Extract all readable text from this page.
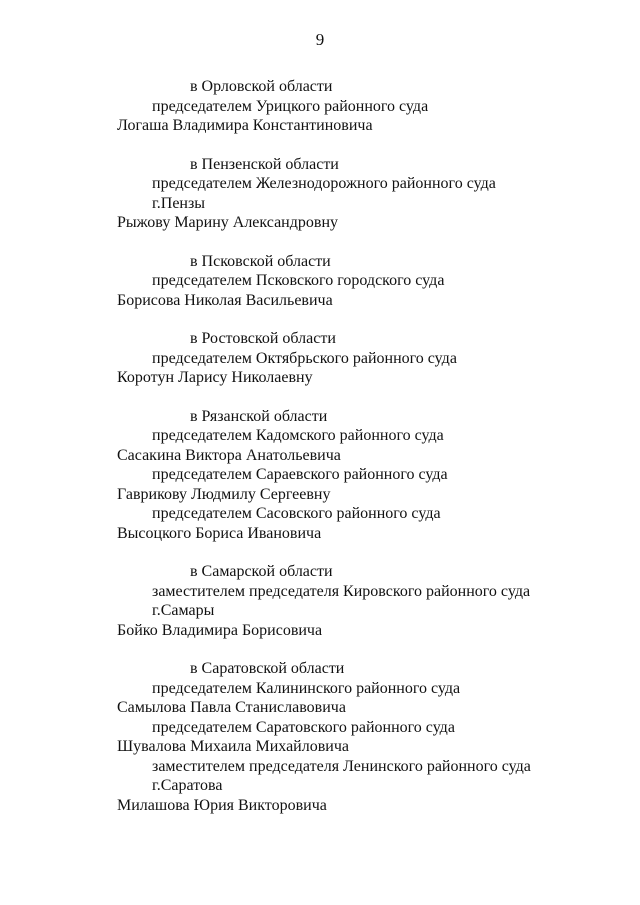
9
в Орловской области
председателем Урицкого районного суда
Логаша Владимира Константиновича
в Пензенской области
председателем Железнодорожного районного суда
г.Пензы
Рыжову Марину Александровну
в Псковской области
председателем Псковского городского суда
Борисова Николая Васильевича
в Ростовской области
председателем Октябрьского районного суда
Коротун Ларису Николаевну
в Рязанской области
председателем Кадомского районного суда
Сасакина Виктора Анатольевича
председателем Сараевского районного суда
Гаврикову Людмилу Сергеевну
председателем Сасовского районного суда
Высоцкого Бориса Ивановича
в Самарской области
заместителем председателя Кировского районного суда
г.Самары
Бойко Владимира Борисовича
в Саратовской области
председателем Калининского районного суда
Самылова Павла Станиславовича
председателем Саратовского районного суда
Шувалова Михаила Михайловича
заместителем председателя Ленинского районного суда
г.Саратова
Милашова Юрия Викторовича
